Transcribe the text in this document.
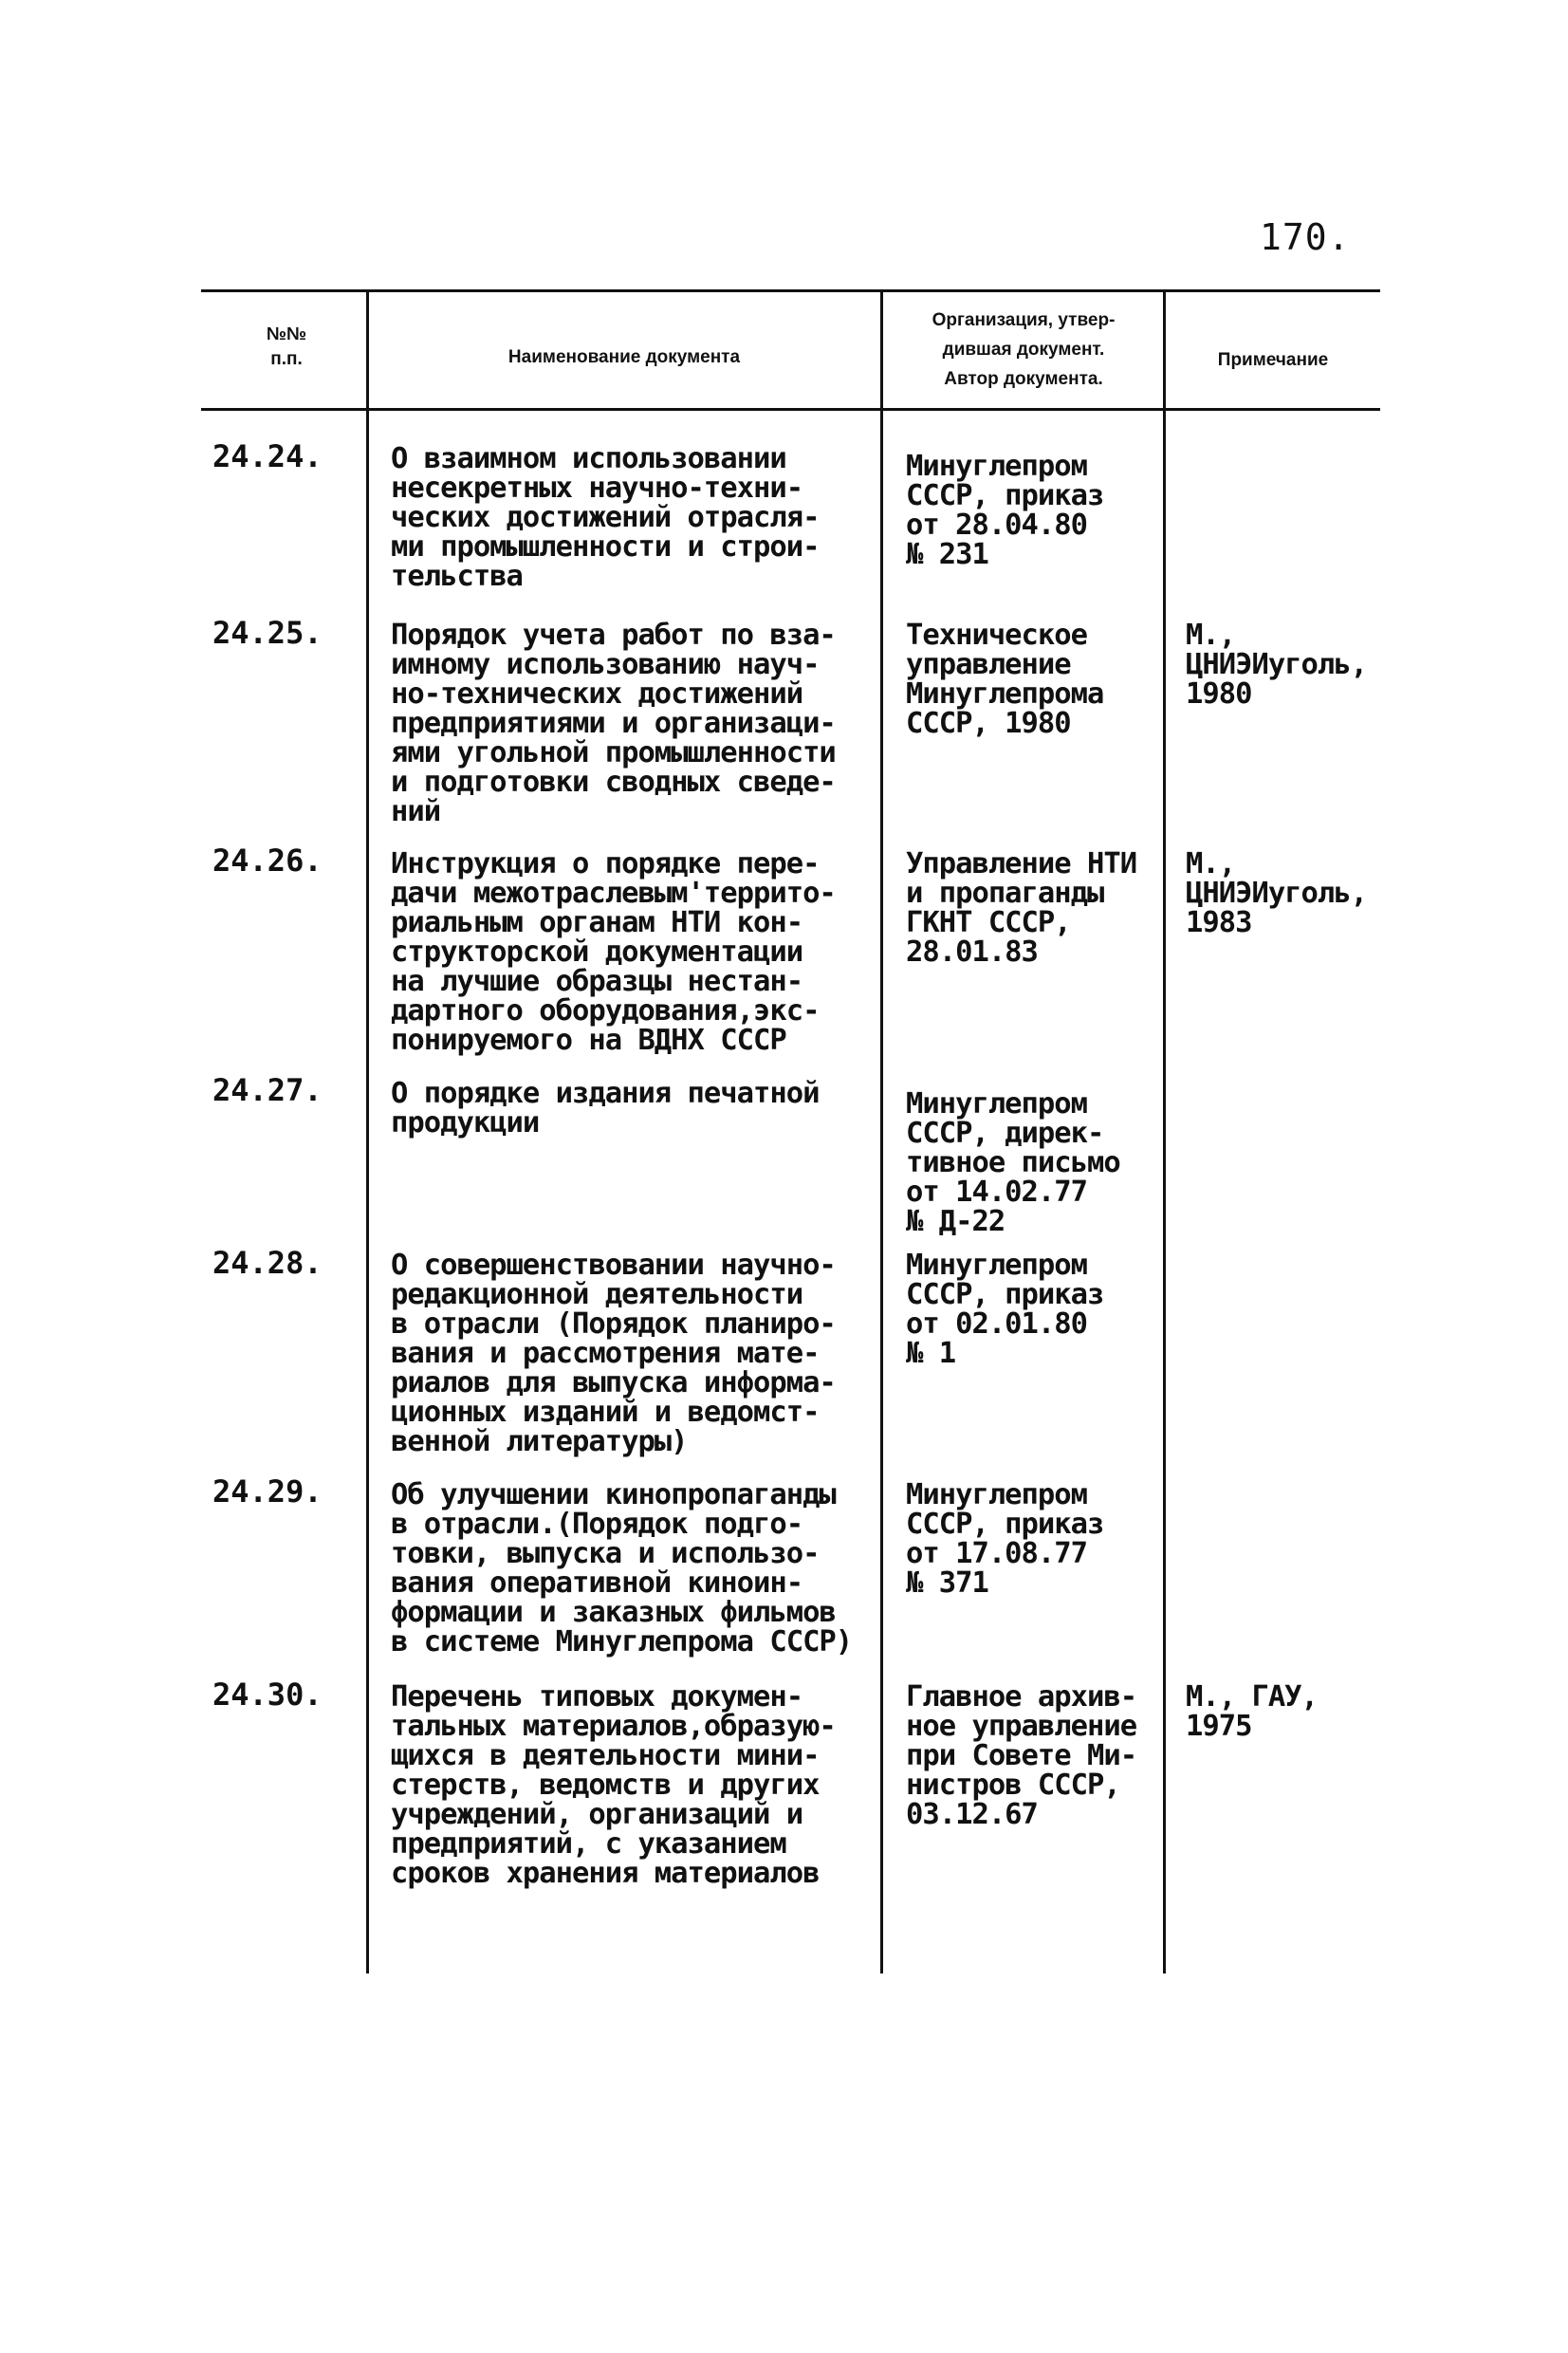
170.
№№
п.п.	Наименование документа
Организация, утвер-
дившая документ.
Автор документа.
Примечание
24.24. О взаимном использовании
несекретных научно-техни-
ческих достижений отрасля-
ми промышленности и строи-
тельства
Минуглепром
СССР, приказ
от 28.04.80
№ 231
24.25. Порядок учета работ по вза-
имному использованию науч-
но-технических достижений
предприятиями и организаци-
ями угольной промышленности
и подготовки сводных сведе-
ний
Техническое
управление
Минуглепрома
СССР, 1980
М.,
ЦНИЭИуголь,
1980
24.26. Инструкция о порядке пере-
дачи межотраслевым'террито-
риальным органам НТИ кон-
структорской документации
на лучшие образцы нестан-
дартного оборудования,экс-
понируемого на ВДНХ СССР
Управление НТИ
и пропаганды
ГКНТ СССР,
28.01.83
М.,
ЦНИЭИуголь,
1983
24.27. О порядке издания печатной
продукции
Минуглепром
СССР, дирек-
тивное письмо
от 14.02.77
№ Д-22
24.28. О совершенствовании научно-
редакционной деятельности
в отрасли (Порядок планиро-
вания и рассмотрения мате-
риалов для выпуска информа-
ционных изданий и ведомст-
венной литературы)
Минуглепром
СССР, приказ
от 02.01.80
№ 1
24.29. Об улучшении кинопропаганды
в отрасли.(Порядок подго-
товки, выпуска и использо-
вания оперативной киноин-
формации и заказных фильмов
в системе Минуглепрома СССР)
Минуглепром
СССР, приказ
от 17.08.77
№ 371
24.30. Перечень типовых докумен-
тальных материалов,образую-
щихся в деятельности мини-
стерств, ведомств и других
учреждений, организаций и
предприятий, с указанием
сроков хранения материалов
Главное архив-
ное управление
при Совете Ми-
нистров СССР,
03.12.67
М., ГАУ,
1975
